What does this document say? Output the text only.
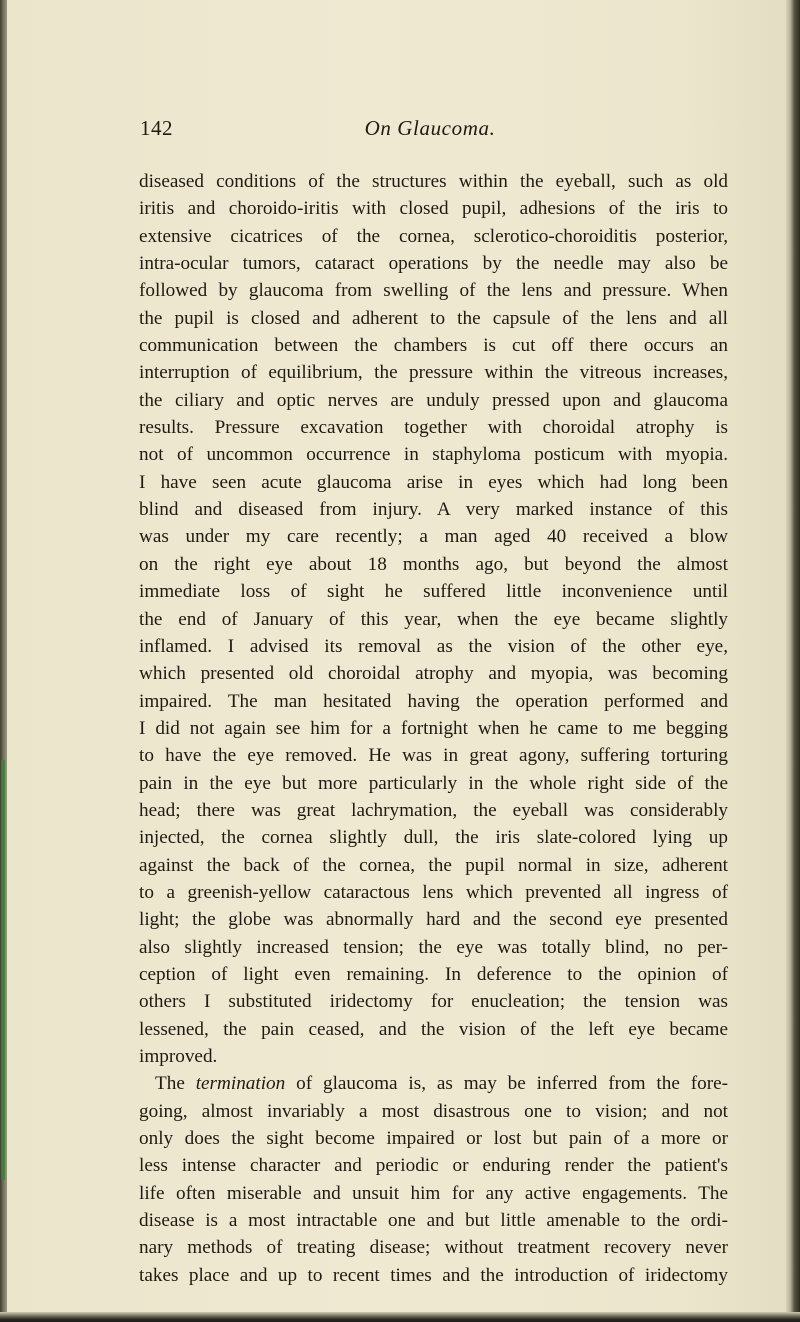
142	On Glaucoma.
diseased conditions of the structures within the eyeball, such as old
iritis and choroido-iritis with closed pupil, adhesions of the iris to
extensive cicatrices of the cornea, sclerotico-choroiditis posterior,
intra-ocular tumors, cataract operations by the needle may also be
followed by glaucoma from swelling of the lens and pressure. When
the pupil is closed and adherent to the capsule of the lens and all
communication between the chambers is cut off there occurs an
interruption of equilibrium, the pressure within the vitreous increases,
the ciliary and optic nerves are unduly pressed upon and glaucoma
results. Pressure excavation together with choroidal atrophy is
not of uncommon occurrence in staphyloma posticum with myopia.
I have seen acute glaucoma arise in eyes which had long been
blind and diseased from injury. A very marked instance of this
was under my care recently; a man aged 40 received a blow
on the right eye about 18 months ago, but beyond the almost
immediate loss of sight he suffered little inconvenience until
the end of January of this year, when the eye became slightly
inflamed. I advised its removal as the vision of the other eye,
which presented old choroidal atrophy and myopia, was becoming
impaired. The man hesitated having the operation performed and
I did not again see him for a fortnight when he came to me begging
to have the eye removed. He was in great agony, suffering torturing
pain in the eye but more particularly in the whole right side of the
head; there was great lachrymation, the eyeball was considerably
injected, the cornea slightly dull, the iris slate-colored lying up
against the back of the cornea, the pupil normal in size, adherent
to a greenish-yellow cataractous lens which prevented all ingress of
light; the globe was abnormally hard and the second eye presented
also slightly increased tension; the eye was totally blind, no per-
ception of light even remaining. In deference to the opinion of
others I substituted iridectomy for enucleation; the tension was
lessened, the pain ceased, and the vision of the left eye became
improved.
The termination of glaucoma is, as may be inferred from the fore-
going, almost invariably a most disastrous one to vision; and not
only does the sight become impaired or lost but pain of a more or
less intense character and periodic or enduring render the patient's
life often miserable and unsuit him for any active engagements. The
disease is a most intractable one and but little amenable to the ordi-
nary methods of treating disease; without treatment recovery never
takes place and up to recent times and the introduction of iridectomy
